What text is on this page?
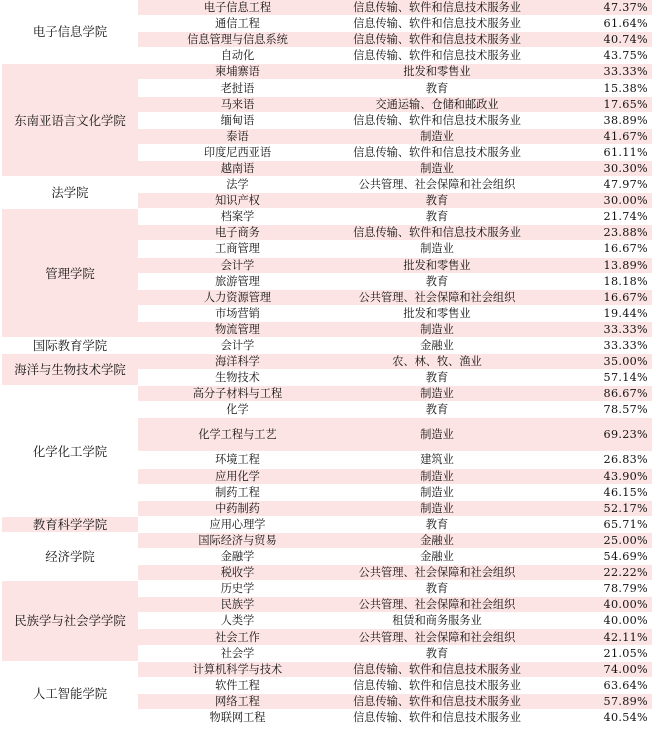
电子信息学院	电子信息工程	信息传输、软件和信息技术服务业	47.37%
	通信工程	信息传输、软件和信息技术服务业	61.64%
	信息管理与信息系统	信息传输、软件和信息技术服务业	40.74%
	自动化	信息传输、软件和信息技术服务业	43.75%
东南亚语言文化学院	柬埔寨语	批发和零售业	33.33%
	老挝语	教育	15.38%
	马来语	交通运输、仓储和邮政业	17.65%
	缅甸语	信息传输、软件和信息技术服务业	38.89%
	泰语	制造业	41.67%
	印度尼西亚语	信息传输、软件和信息技术服务业	61.11%
	越南语	制造业	30.30%
法学院	法学	公共管理、社会保障和社会组织	47.97%
	知识产权	教育	30.00%
管理学院	档案学	教育	21.74%
	电子商务	信息传输、软件和信息技术服务业	23.88%
	工商管理	制造业	16.67%
	会计学	批发和零售业	13.89%
	旅游管理	教育	18.18%
	人力资源管理	公共管理、社会保障和社会组织	16.67%
	市场营销	批发和零售业	19.44%
	物流管理	制造业	33.33%
国际教育学院	会计学	金融业	33.33%
海洋与生物技术学院	海洋科学	农、林、牧、渔业	35.00%
	生物技术	教育	57.14%
化学化工学院	高分子材料与工程	制造业	86.67%
	化学	教育	78.57%
	化学工程与工艺	制造业	69.23%
	环境工程	建筑业	26.83%
	应用化学	制造业	43.90%
	制药工程	制造业	46.15%
	中药制药	制造业	52.17%
教育科学学院	应用心理学	教育	65.71%
经济学院	国际经济与贸易	金融业	25.00%
	金融学	金融业	54.69%
	税收学	公共管理、社会保障和社会组织	22.22%
民族学与社会学学院	历史学	教育	78.79%
	民族学	公共管理、社会保障和社会组织	40.00%
	人类学	租赁和商务服务业	40.00%
	社会工作	公共管理、社会保障和社会组织	42.11%
	社会学	教育	21.05%
人工智能学院	计算机科学与技术	信息传输、软件和信息技术服务业	74.00%
	软件工程	信息传输、软件和信息技术服务业	63.64%
	网络工程	信息传输、软件和信息技术服务业	57.89%
	物联网工程	信息传输、软件和信息技术服务业	40.54%
